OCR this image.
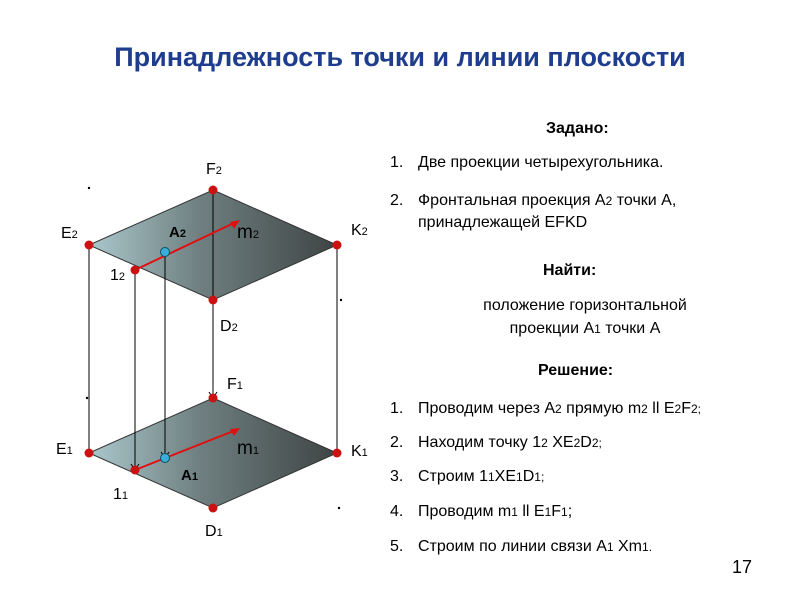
Принадлежность точки и линии плоскости
F2
E2	K2
D2
A2	m2
12
F1
E1	K1
D1
A1
m1
11
Задано:
1. Две проекции четырехугольника.
2. Фронтальная проекция А2 точки А,
принадлежащей EFKD
Найти:
положение горизонтальной
проекции А1 точки А
Решение:
1. Проводим через А2 прямую m2 ll E2F2;
2. Находим точку 12 XE2D2;
3. Строим 11XE1D1;
4. Проводим m1 ll E1F1;
5. Строим по линии связи А1 Xm1.
17
